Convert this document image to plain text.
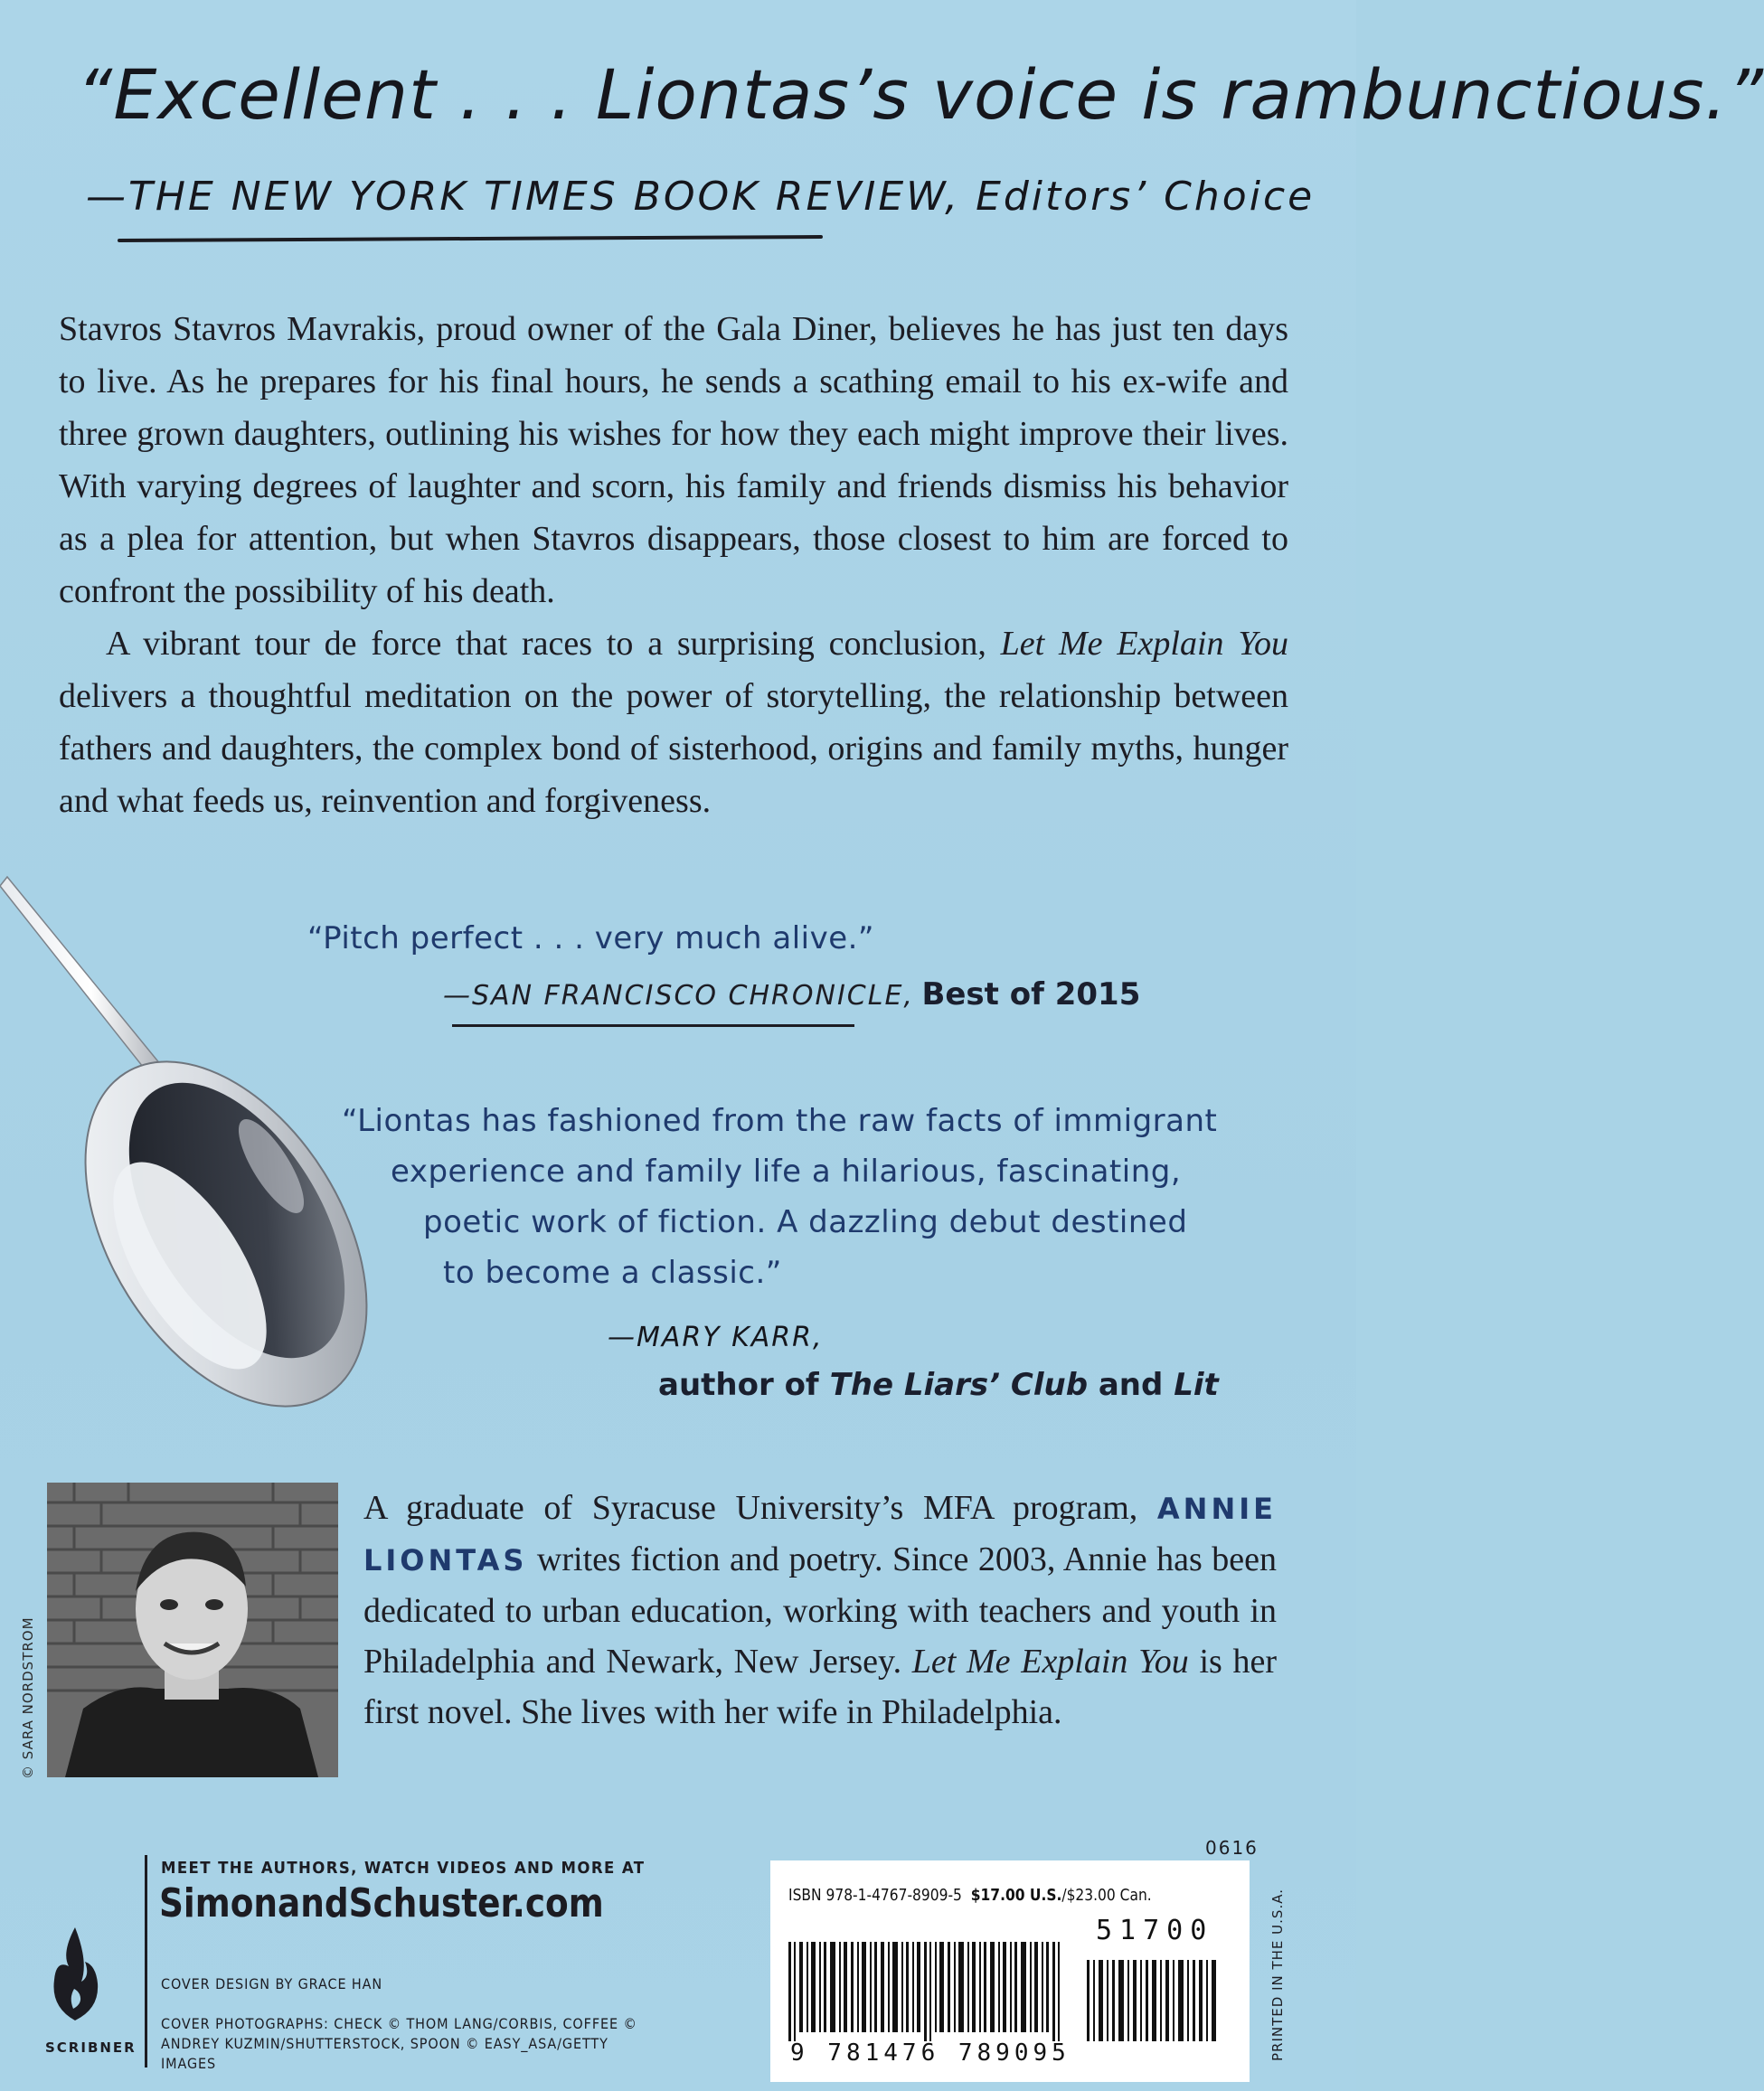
“Excellent . . . Liontas’s voice is rambunctious.”
—THE NEW YORK TIMES BOOK REVIEW, Editors’ Choice

Stavros Stavros Mavrakis, proud owner of the Gala Diner, believes he has just ten days to live. As he prepares for his final hours, he sends a scathing email to his ex-wife and three grown daughters, outlining his wishes for how they each might improve their lives. With varying degrees of laughter and scorn, his family and friends dismiss his behavior as a plea for attention, but when Stavros disappears, those closest to him are forced to confront the possibility of his death.

A vibrant tour de force that races to a surprising conclusion, Let Me Explain You delivers a thoughtful meditation on the power of storytelling, the relationship between fathers and daughters, the complex bond of sisterhood, origins and family myths, hunger and what feeds us, reinvention and forgiveness.

“Pitch perfect . . . very much alive.”
—SAN FRANCISCO CHRONICLE, Best of 2015
“Liontas has fashioned from the raw facts of immigrant
experience and family life a hilarious, fascinating,
poetic work of fiction. A dazzling debut destined
to become a classic.”
—MARY KARR,
author of The Liars’ Club and Lit
© SARA NORDSTROM
A graduate of Syracuse University’s MFA program, ANNIE LIONTAS writes fiction and poetry. Since 2003, Annie has been dedicated to urban education, working with teachers and youth in Philadelphia and Newark, New Jersey. Let Me Explain You is her first novel. She lives with her wife in Philadelphia.
SCRIBNER
MEET THE AUTHORS, WATCH VIDEOS AND MORE AT
SimonandSchuster.com
COVER DESIGN BY GRACE HAN
COVER PHOTOGRAPHS: CHECK © THOM LANG/CORBIS, COFFEE ©
ANDREY KUZMIN/SHUTTERSTOCK, SPOON © EASY_ASA/GETTY IMAGES
0616
ISBN 978-1-4767-8909-5 $17.00 U.S./$23.00 Can.
51700
9 781476 789095	PRINTED IN THE U.S.A.
